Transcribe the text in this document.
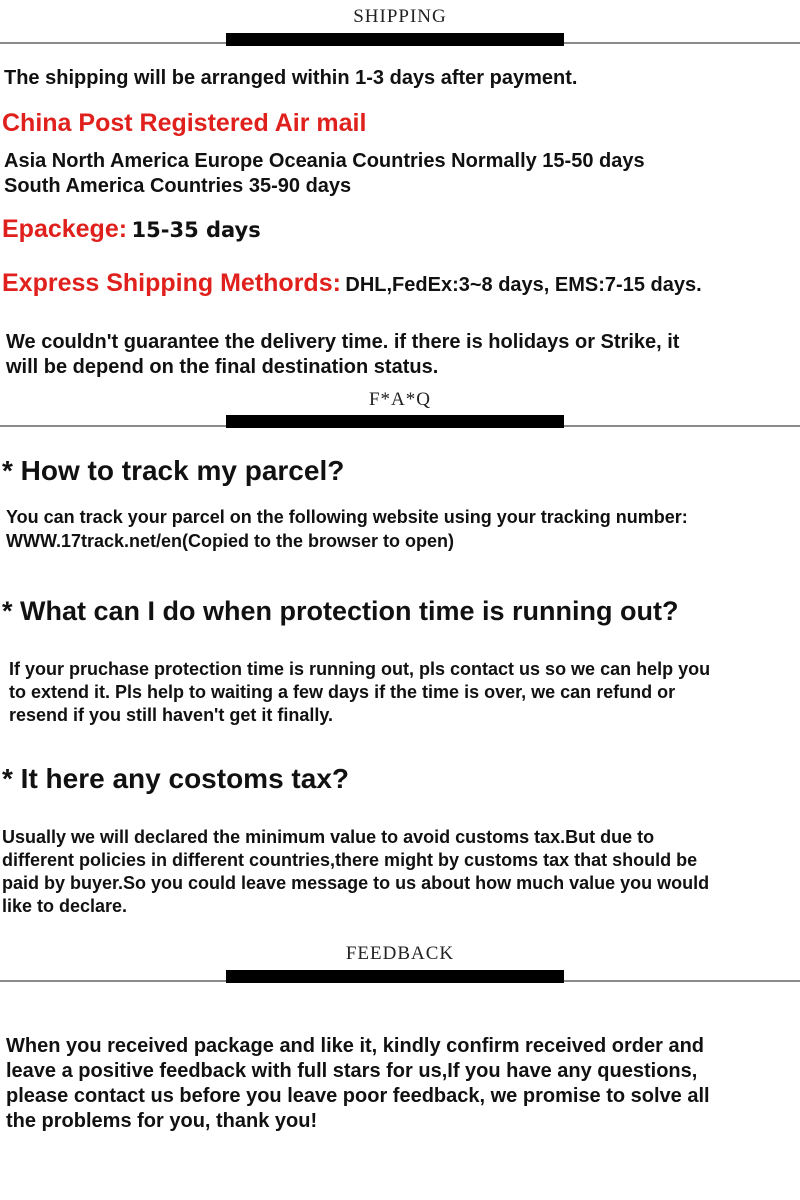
SHIPPING
The shipping will be arranged within 1-3 days after payment.
China Post Registered Air mail
Asia North America Europe Oceania Countries Normally 15-50 days
South America Countries 35-90 days
Epackege: 15-35 days
Express Shipping Methords: DHL,FedEx:3~8 days, EMS:7-15 days.
We couldn't guarantee the delivery time. if there is holidays or Strike, it
will be depend on the final destination status.
F*A*Q
* How to track my parcel?
You can track your parcel on the following website using your tracking number:
WWW.17track.net/en(Copied to the browser to open)
* What can I do when protection time is running out?
If your pruchase protection time is running out, pls contact us so we can help you
to extend it. Pls help to waiting a few days if the time is over, we can refund or
resend if you still haven't get it finally.
* It here any costoms tax?
Usually we will declared the minimum value to avoid customs tax.But due to
different policies in different countries,there might by customs tax that should be
paid by buyer.So you could leave message to us about how much value you would
like to declare.
FEEDBACK
When you received package and like it, kindly confirm received order and
leave a positive feedback with full stars for us,If you have any questions,
please contact us before you leave poor feedback, we promise to solve all
the problems for you, thank you!
